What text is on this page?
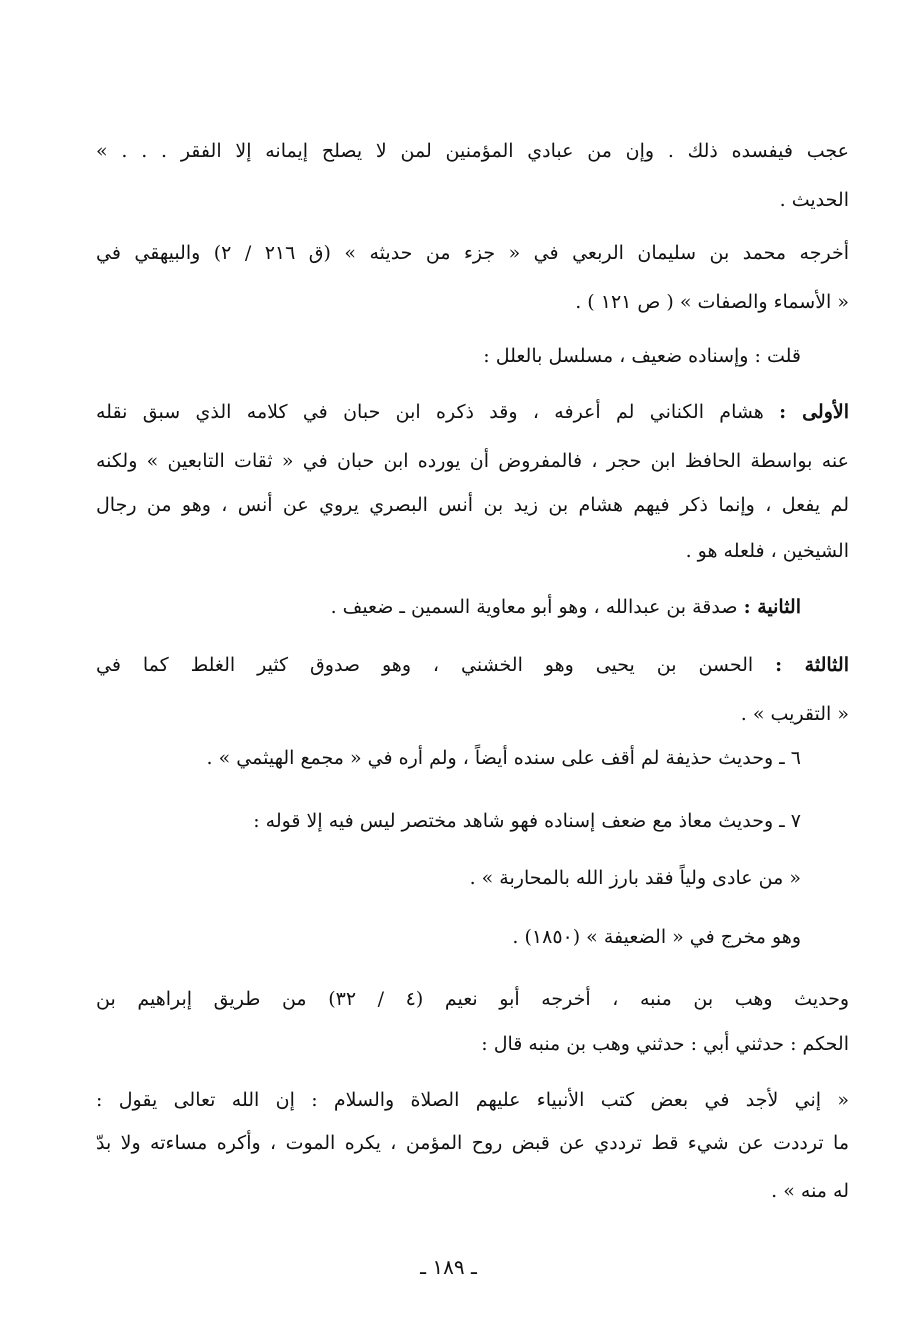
عجب فيفسده ذلك . وإن من عبادي المؤمنين لمن لا يصلح إيمانه إلا الفقر . . . »
الحديث .
أخرجه محمد بن سليمان الربعي في « جزء من حديثه » (ق ٢١٦ / ٢) والبيهقي في
« الأسماء والصفات » ( ص ١٢١ ) .
قلت : وإسناده ضعيف ، مسلسل بالعلل :
الأولى : هشام الكناني لم أعرفه ، وقد ذكره ابن حبان في كلامه الذي سبق نقله
عنه بواسطة الحافظ ابن حجر ، فالمفروض أن يورده ابن حبان في « ثقات التابعين » ولكنه
لم يفعل ، وإنما ذكر فيهم هشام بن زيد بن أنس البصري يروي عن أنس ، وهو من رجال
الشيخين ، فلعله هو .
الثانية : صدقة بن عبدالله ، وهو أبو معاوية السمين ـ ضعيف .
الثالثة : الحسن بن يحيى وهو الخشني ، وهو صدوق كثير الغلط كما في
« التقريب » .
٦ ـ وحديث حذيفة لم أقف على سنده أيضاً ، ولم أره في « مجمع الهيثمي » .
٧ ـ وحديث معاذ مع ضعف إسناده فهو شاهد مختصر ليس فيه إلا قوله :
« من عادى ولياً فقد بارز الله بالمحاربة » .
وهو مخرج في « الضعيفة » (١٨٥٠) .
وحديث وهب بن منبه ، أخرجه أبو نعيم (٤ / ٣٢) من طريق إبراهيم بن
الحكم : حدثني أبي : حدثني وهب بن منبه قال :
« إني لأجد في بعض كتب الأنبياء عليهم الصلاة والسلام : إن الله تعالى يقول :
ما ترددت عن شيء قط ترددي عن قبض روح المؤمن ، يكره الموت ، وأكره مساءته ولا بدّ
له منه » .
ـ ١٨٩ ـ
